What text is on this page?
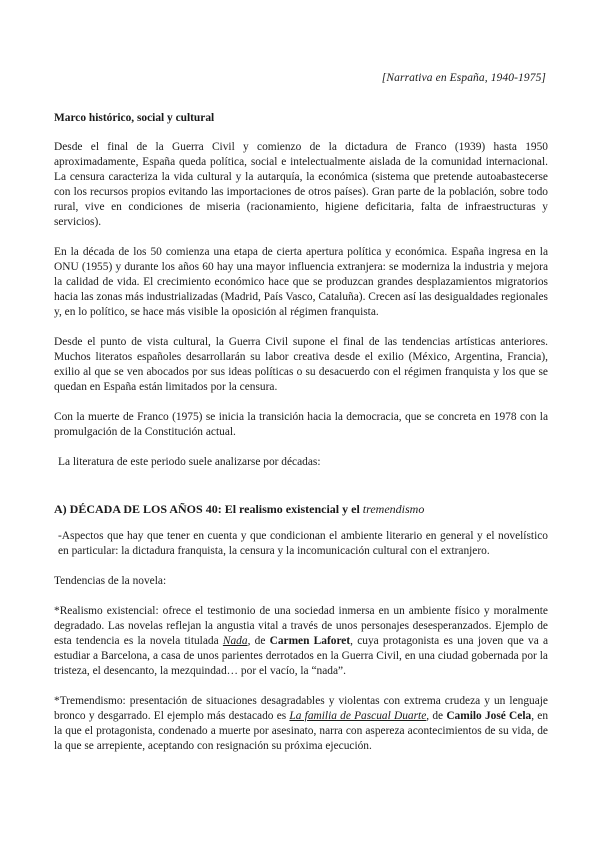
[Narrativa en España, 1940-1975]
Marco histórico, social y cultural

Desde el final de la Guerra Civil y comienzo de la dictadura de Franco (1939) hasta 1950 aproximadamente, España queda política, social e intelectualmente aislada de la comunidad internacional. La censura caracteriza la vida cultural y la autarquía, la económica (sistema que pretende autoabastecerse con los recursos propios evitando las importaciones de otros países). Gran parte de la población, sobre todo rural, vive en condiciones de miseria (racionamiento, higiene deficitaria, falta de infraestructuras y servicios).

En la década de los 50 comienza una etapa de cierta apertura política y económica. España ingresa en la ONU (1955) y durante los años 60 hay una mayor influencia extranjera: se moderniza la industria y mejora la calidad de vida. El crecimiento económico hace que se produzcan grandes desplazamientos migratorios hacia las zonas más industrializadas (Madrid, País Vasco, Cataluña). Crecen así las desigualdades regionales y, en lo político, se hace más visible la oposición al régimen franquista.

Desde el punto de vista cultural, la Guerra Civil supone el final de las tendencias artísticas anteriores. Muchos literatos españoles desarrollarán su labor creativa desde el exilio (México, Argentina, Francia), exilio al que se ven abocados por sus ideas políticas o su desacuerdo con el régimen franquista y los que se quedan en España están limitados por la censura.

Con la muerte de Franco (1975) se inicia la transición hacia la democracia, que se concreta en 1978 con la promulgación de la Constitución actual.

La literatura de este periodo suele analizarse por décadas:

A) DÉCADA DE LOS AÑOS 40: El realismo existencial y el tremendismo

-Aspectos que hay que tener en cuenta y que condicionan el ambiente literario en general y el novelístico en particular: la dictadura franquista, la censura y la incomunicación cultural con el extranjero.

Tendencias de la novela:

*Realismo existencial: ofrece el testimonio de una sociedad inmersa en un ambiente físico y moralmente degradado. Las novelas reflejan la angustia vital a través de unos personajes desesperanzados. Ejemplo de esta tendencia es la novela titulada Nada, de Carmen Laforet, cuya protagonista es una joven que va a estudiar a Barcelona, a casa de unos parientes derrotados en la Guerra Civil, en una ciudad gobernada por la tristeza, el desencanto, la mezquindad… por el vacío, la “nada”.

*Tremendismo: presentación de situaciones desagradables y violentas con extrema crudeza y un lenguaje bronco y desgarrado. El ejemplo más destacado es La familia de Pascual Duarte, de Camilo José Cela, en la que el protagonista, condenado a muerte por asesinato, narra con aspereza acontecimientos de su vida, de la que se arrepiente, aceptando con resignación su próxima ejecución.
